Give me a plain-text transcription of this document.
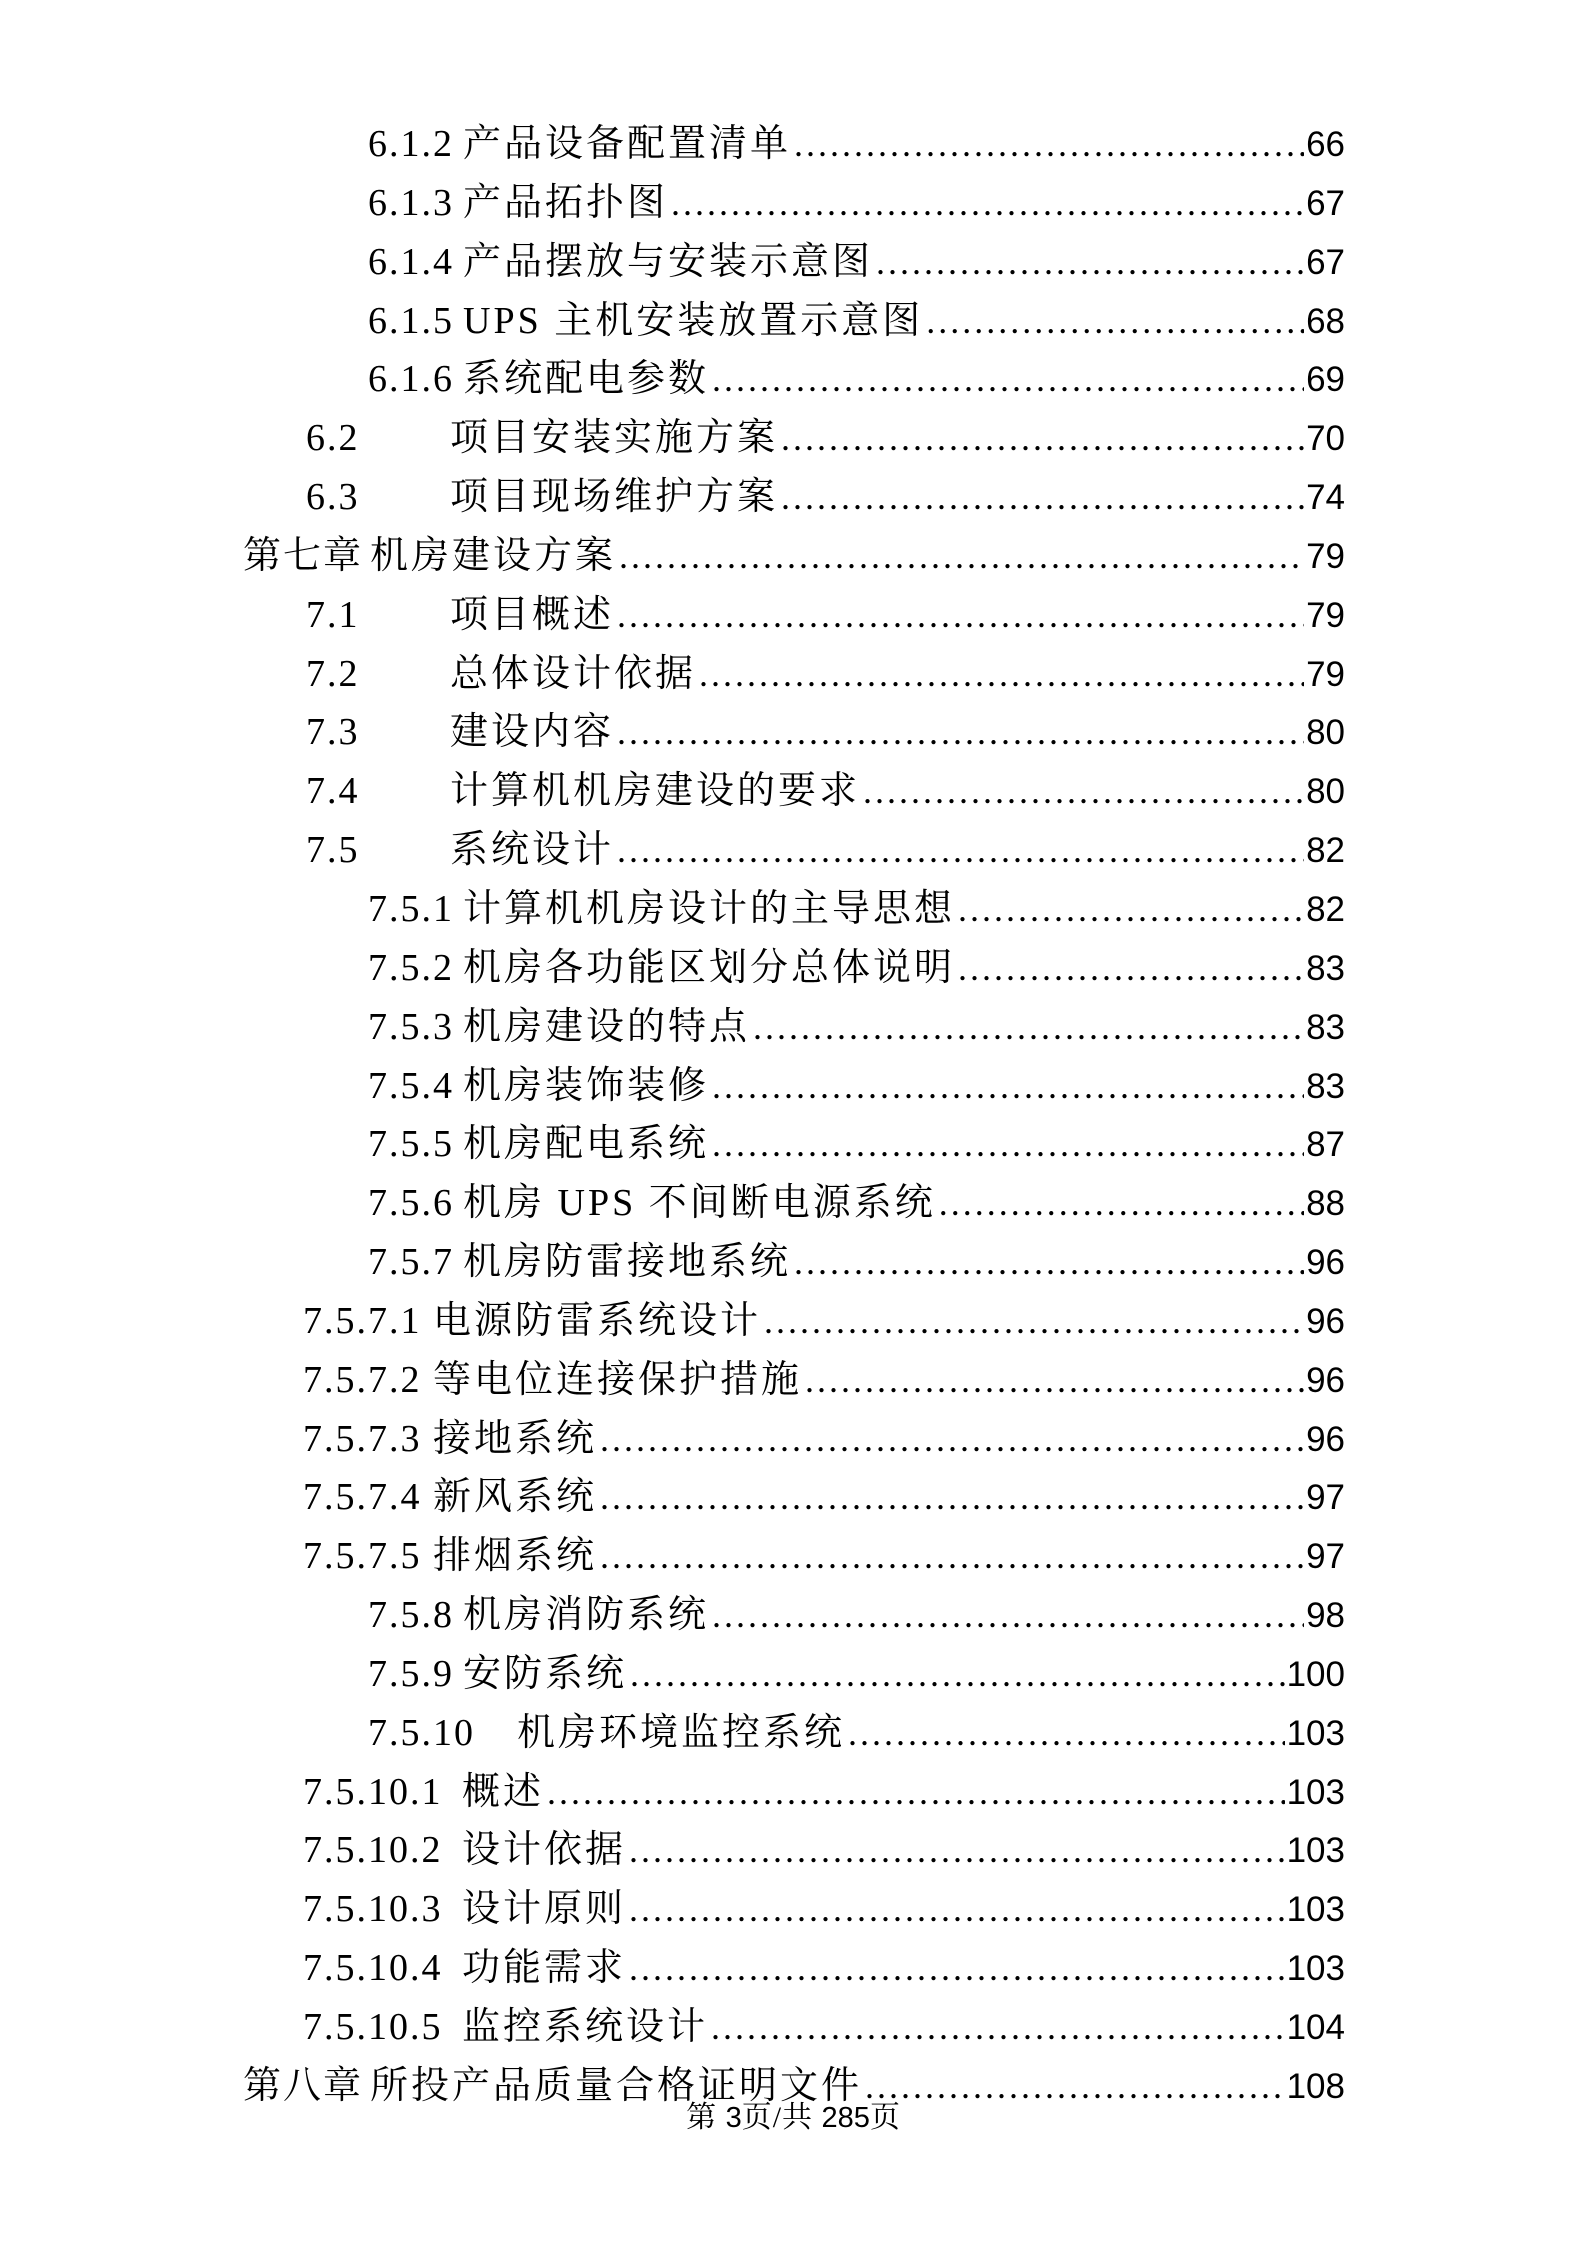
6.1.2 产品设备配置清单 .....	66
6.1.3 产品拓扑图 .....	67
6.1.4 产品摆放与安装示意图 .....	67
6.1.5 UPS 主机安装放置示意图 .....	68
6.1.6 系统配电参数 .....	69
6.2	项目安装实施方案 .....	70
6.3	项目现场维护方案 .....	74
第七章 机房建设方案 .....	79
7.1	项目概述 .....	79
7.2	总体设计依据 .....	79
7.3	建设内容 .....	80
7.4	计算机机房建设的要求 .....	80
7.5	系统设计 .....	82
7.5.1 计算机机房设计的主导思想 .....	82
7.5.2 机房各功能区划分总体说明 .....	83
7.5.3 机房建设的特点 .....	83
7.5.4 机房装饰装修 .....	83
7.5.5 机房配电系统 .....	87
7.5.6 机房 UPS 不间断电源系统 .....	88
7.5.7 机房防雷接地系统 .....	96
7.5.7.1 电源防雷系统设计 .....	96
7.5.7.2 等电位连接保护措施 .....	96
7.5.7.3 接地系统 .....	96
7.5.7.4 新风系统 .....	97
7.5.7.5 排烟系统 .....	97
7.5.8 机房消防系统 .....	98
7.5.9 安防系统 .....	100
7.5.10	机房环境监控系统 .....	103
7.5.10.1 概述 .....	103
7.5.10.2 设计依据 .....	103
7.5.10.3 设计原则 .....	103
7.5.10.4 功能需求 .....	103
7.5.10.5 监控系统设计 .....	104
第八章 所投产品质量合格证明文件 .....	108
第 3页/共 285页
